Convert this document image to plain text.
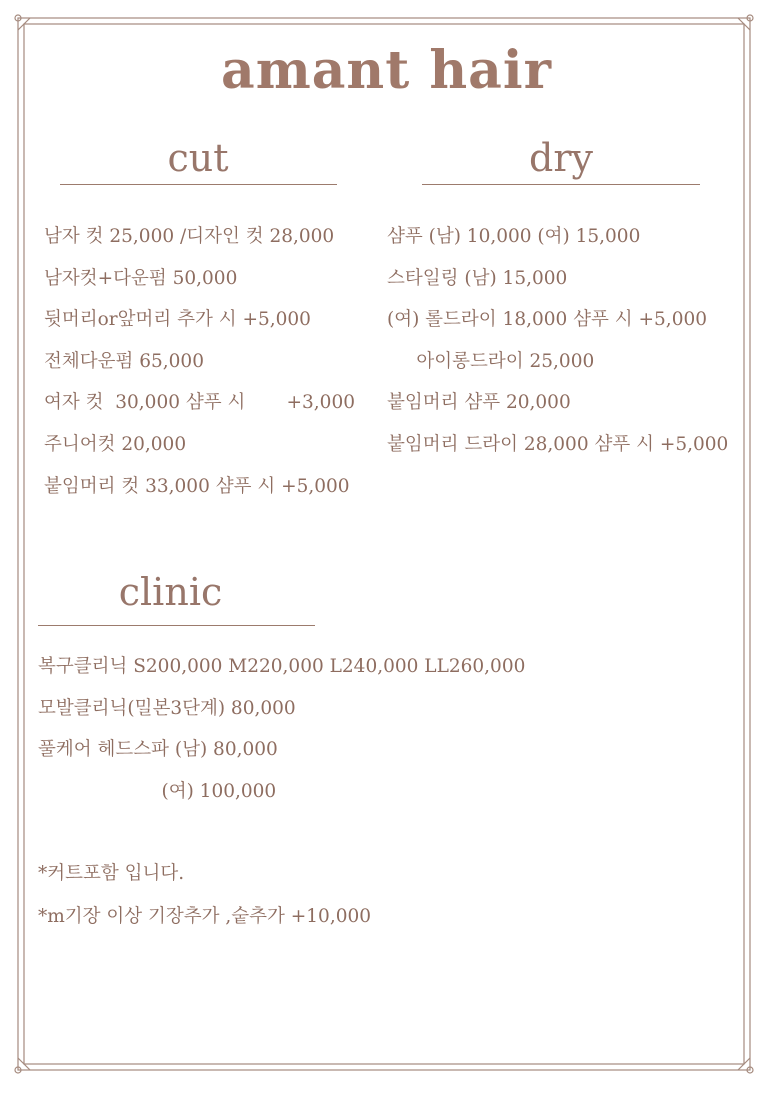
amant hair
cut
남자 컷 25,000 /디자인 컷 28,000
남자컷+다운펌 50,000
뒷머리or앞머리 추가 시 +5,000
전체다운펌 65,000
여자 컷  30,000 샴푸 시       +3,000
주니어컷 20,000
붙임머리 컷 33,000 샴푸 시 +5,000
dry
샴푸 (남) 10,000 (여) 15,000
스타일링 (남) 15,000
(여) 롤드라이 18,000 샴푸 시 +5,000
아이롱드라이 25,000
붙임머리 샴푸 20,000
붙임머리 드라이 28,000 샴푸 시 +5,000
clinic
복구클리닉 S200,000 M220,000 L240,000 LL260,000
모발클리닉(밀본3단계) 80,000
풀케어 헤드스파 (남) 80,000
(여) 100,000
*커트포함 입니다.
*m기장 이상 기장추가 ,숱추가 +10,000
